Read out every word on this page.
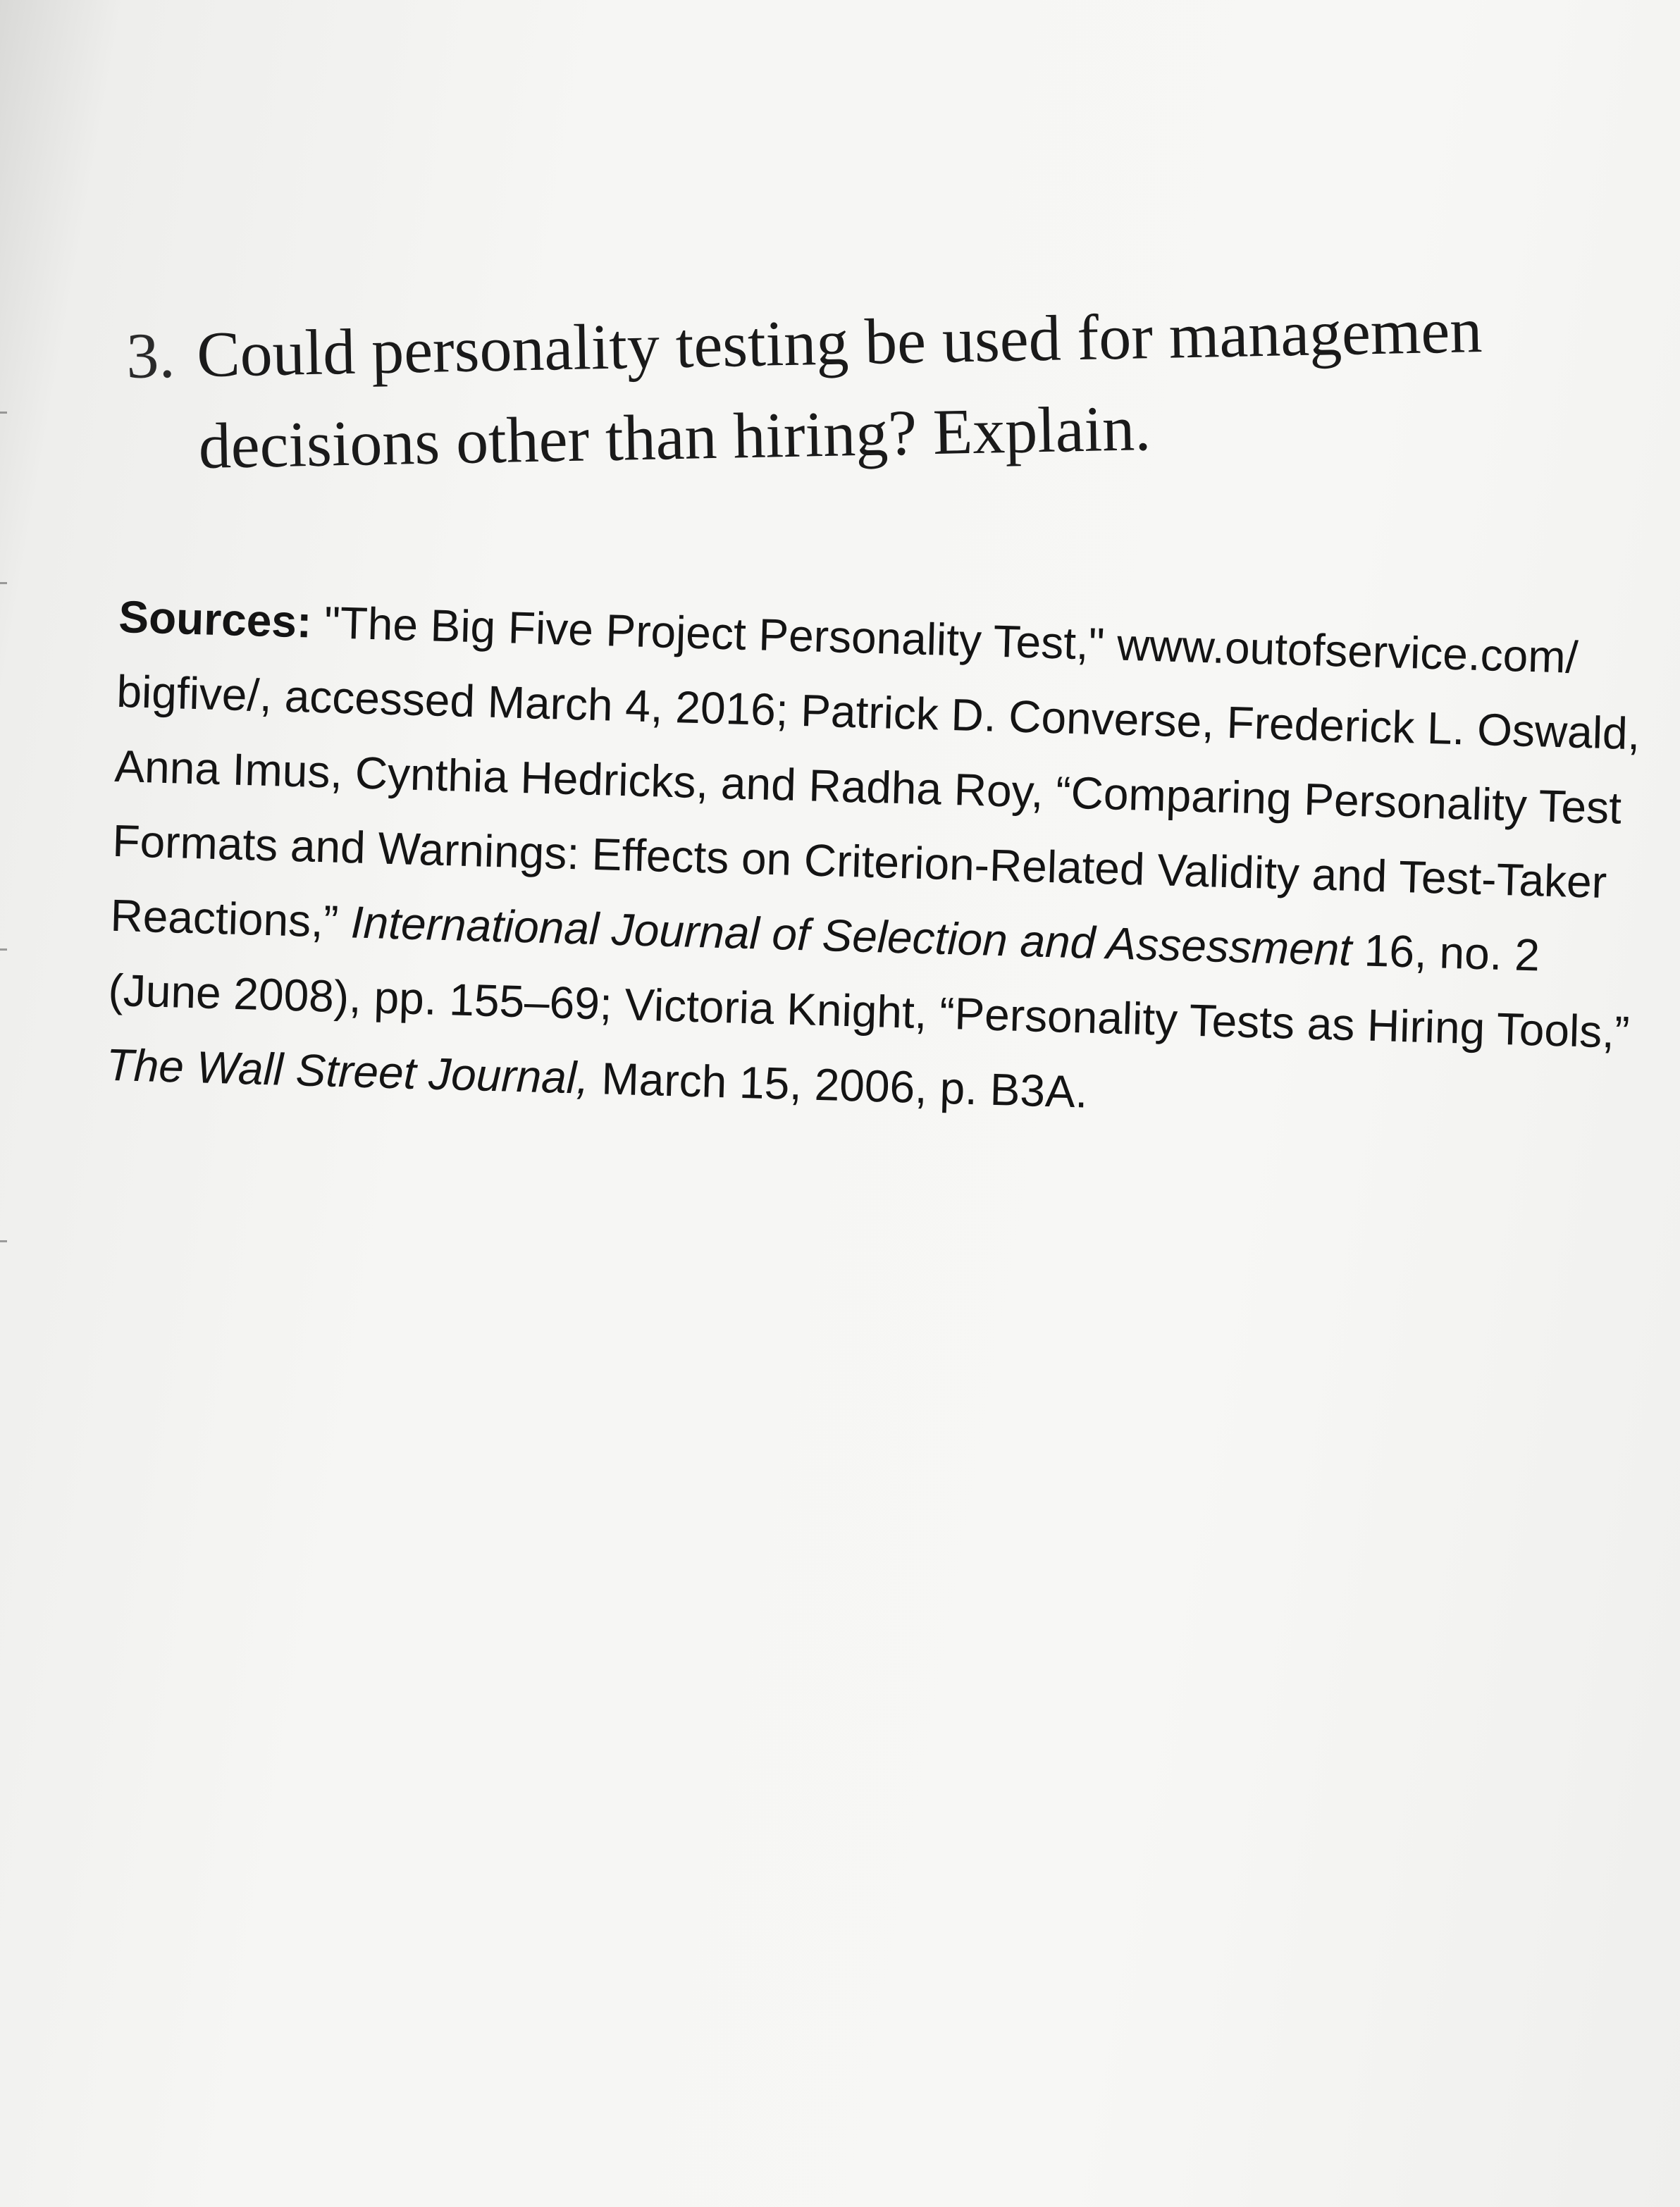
3. Could personality testing be used for managemen
decisions other than hiring? Explain.
Sources: "The Big Five Project Personality Test," www.outofservice.com/ bigfive/, accessed March 4, 2016; Patrick D. Converse, Frederick L. Oswald, Anna Imus, Cynthia Hedricks, and Radha Roy, “Comparing Personality Test Formats and Warnings: Effects on Criterion-Related Validity and Test-Taker Reactions,” International Journal of Selection and Assessment 16, no. 2 (June 2008), pp. 155–69; Victoria Knight, “Personality Tests as Hiring Tools,” The Wall Street Journal, March 15, 2006, p. B3A.
